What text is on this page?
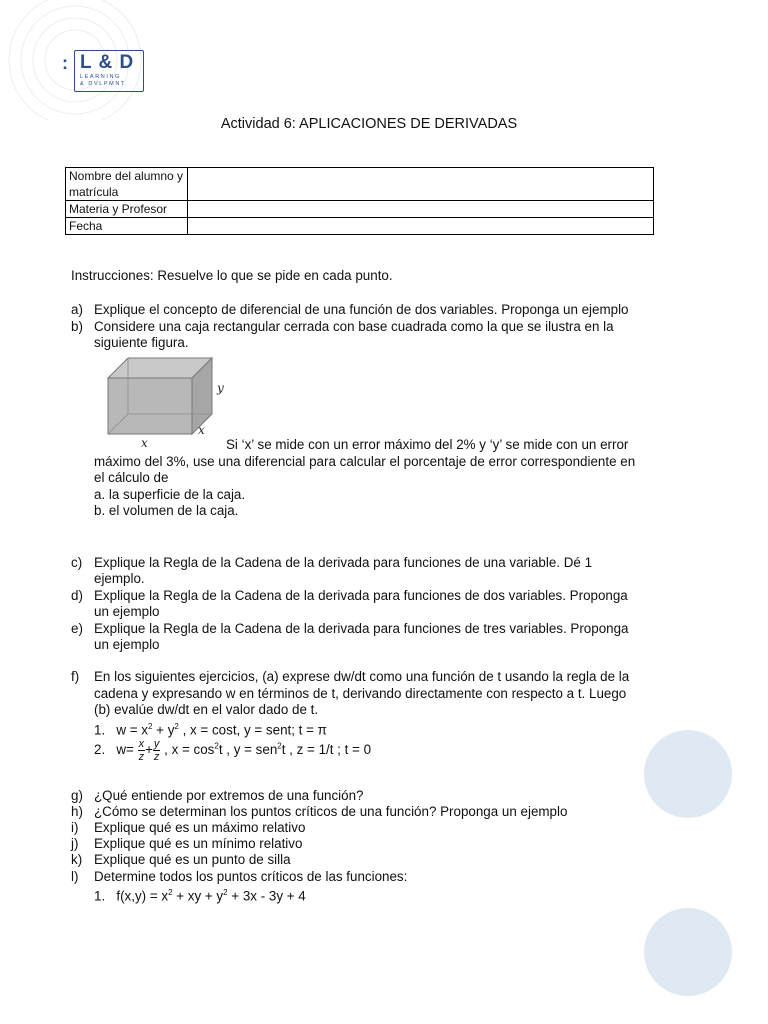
: L & D
LEARNING
& DVLPMNT.
Actividad 6: APLICACIONES DE DERIVADAS
Nombre del alumno y matrícula	
Materia y Profesor	
Fecha	
Instrucciones: Resuelve lo que se pide en cada punto.
a) Explique el concepto de diferencial de una función de dos variables. Proponga un ejemplo
b) Considere una caja rectangular cerrada con base cuadrada como la que se ilustra en la
siguiente figura.
y
x
x	Si ‘x’ se mide con un error máximo del 2% y ‘y’ se mide con un error
máximo del 3%, use una diferencial para calcular el porcentaje de error correspondiente en
el cálculo de
a. la superficie de la caja.
b. el volumen de la caja.
c) Explique la Regla de la Cadena de la derivada para funciones de una variable. Dé 1
ejemplo.
d) Explique la Regla de la Cadena de la derivada para funciones de dos variables. Proponga
un ejemplo
e) Explique la Regla de la Cadena de la derivada para funciones de tres variables. Proponga
un ejemplo
f) En los siguientes ejercicios, (a) exprese dw/dt como una función de t usando la regla de la
cadena y expresando w en términos de t, derivando directamente con respecto a t. Luego
(b) evalúe dw/dt en el valor dado de t.
1. $w = x^2 + y^2$ , x = cost, y = sent; t = π
2. $w= \frac{x}{z} + \frac{y}{z}$ , $x = \cos^2t$ , y = sen$^2$t , z = 1/t ; t = 0
g) ¿Qué entiende por extremos de una función?
h) ¿Cómo se determinan los puntos críticos de una función? Proponga un ejemplo
i) Explique qué es un máximo relativo
j) Explique qué es un mínimo relativo
k) Explique qué es un punto de silla
l) Determine todos los puntos críticos de las funciones:
1. $f(x,y) = x^2$ + xy + $y^2 + 3x - 3y + 4$
